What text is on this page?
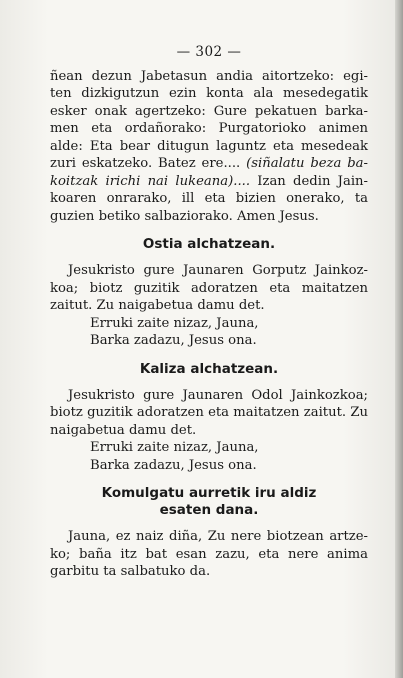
— 302 —

ñean dezun Jabetasun andia aitortzeko: egi- ten dizkigutzun ezin konta ala mesedegatik esker onak agertzeko: Gure pekatuen barka- men eta ordañorako: Purgatorioko animen alde: Eta bear ditugun laguntz eta mesedeak zuri eskatzeko. Batez ere.... (siñalatu beza ba- koitzak irichi nai lukeana).... Izan dedin Jain- koaren onrarako, ill eta bizien onerako, ta guzien betiko salbaziorako. Amen Jesus.

Ostia alchatzean.

Jesukristo gure Jaunaren Gorputz Jainkoz- koa; biotz guzitik adoratzen eta maitatzen zaitut. Zu naigabetua damu det.

Erruki zaite nizaz, Jauna,
Barka zadazu, Jesus ona.
Kaliza alchatzean.

Jesukristo gure Jaunaren Odol Jainkozkoa; biotz guzitik adoratzen eta maitatzen zaitut. Zu naigabetua damu det.

Erruki zaite nizaz, Jauna,
Barka zadazu, Jesus ona.
Komulgatu aurretik iru aldiz
esaten dana.

Jauna, ez naiz diña, Zu nere biotzean artze- ko; baña itz bat esan zazu, eta nere anima garbitu ta salbatuko da.
